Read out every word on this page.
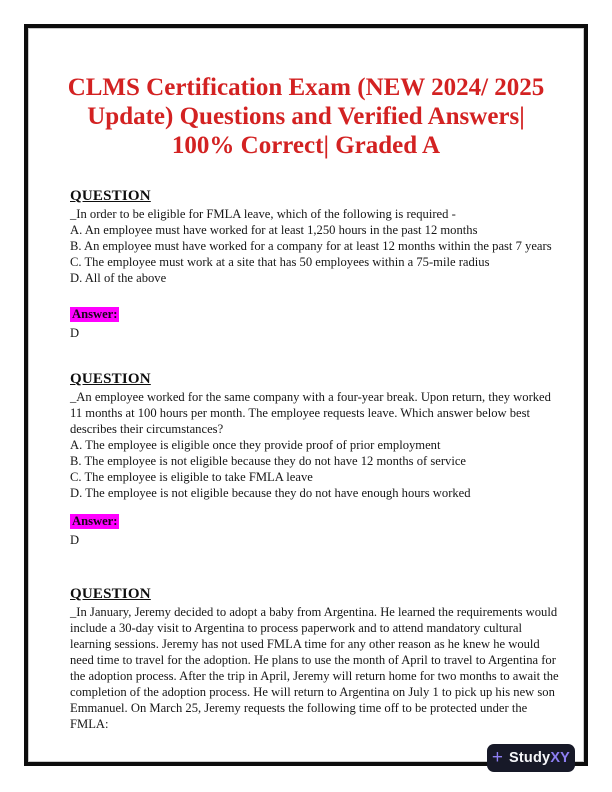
CLMS Certification Exam (NEW 2024/ 2025
Update) Questions and Verified Answers|
100% Correct| Graded A
QUESTION
_In order to be eligible for FMLA leave, which of the following is required -
A. An employee must have worked for at least 1,250 hours in the past 12 months
B. An employee must have worked for a company for at least 12 months within the past 7 years
C. The employee must work at a site that has 50 employees within a 75-mile radius
D. All of the above
Answer:
D
QUESTION
_An employee worked for the same company with a four-year break. Upon return, they worked
11 months at 100 hours per month. The employee requests leave. Which answer below best
describes their circumstances?
A. The employee is eligible once they provide proof of prior employment
B. The employee is not eligible because they do not have 12 months of service
C. The employee is eligible to take FMLA leave
D. The employee is not eligible because they do not have enough hours worked
Answer:
D
QUESTION
_In January, Jeremy decided to adopt a baby from Argentina. He learned the requirements would
include a 30-day visit to Argentina to process paperwork and to attend mandatory cultural
learning sessions. Jeremy has not used FMLA time for any other reason as he knew he would
need time to travel for the adoption. He plans to use the month of April to travel to Argentina for
the adoption process. After the trip in April, Jeremy will return home for two months to await the
completion of the adoption process. He will return to Argentina on July 1 to pick up his new son
Emmanuel. On March 25, Jeremy requests the following time off to be protected under the
FMLA:
+ StudyXY
